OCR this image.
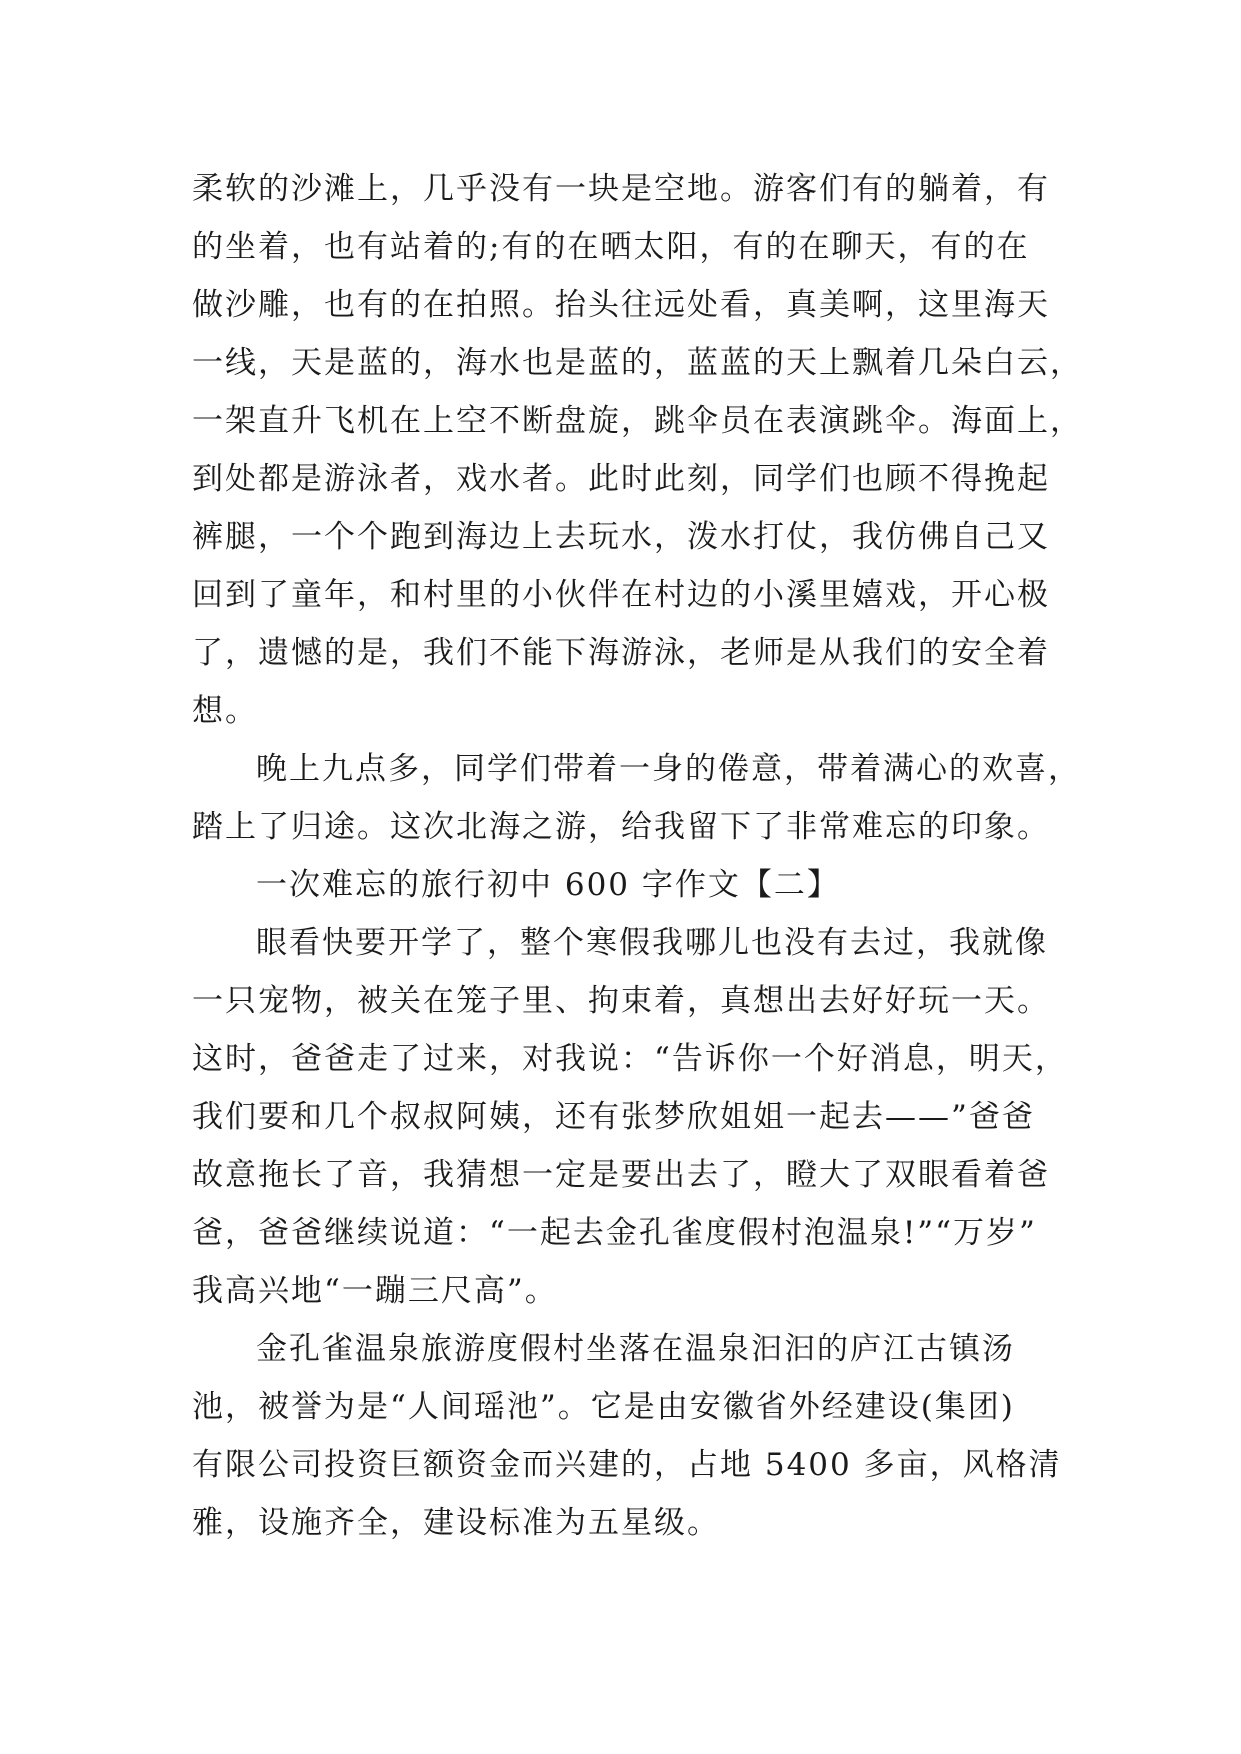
柔软的沙滩上，几乎没有一块是空地。游客们有的躺着，有
的坐着，也有站着的;有的在晒太阳，有的在聊天，有的在
做沙雕，也有的在拍照。抬头往远处看，真美啊，这里海天
一线，天是蓝的，海水也是蓝的，蓝蓝的天上飘着几朵白云，
一架直升飞机在上空不断盘旋，跳伞员在表演跳伞。海面上，
到处都是游泳者，戏水者。此时此刻，同学们也顾不得挽起
裤腿，一个个跑到海边上去玩水，泼水打仗，我仿佛自己又
回到了童年，和村里的小伙伴在村边的小溪里嬉戏，开心极
了，遗憾的是，我们不能下海游泳，老师是从我们的安全着
想。
晚上九点多，同学们带着一身的倦意，带着满心的欢喜，
踏上了归途。这次北海之游，给我留下了非常难忘的印象。
一次难忘的旅行初中 600 字作文【二】
眼看快要开学了，整个寒假我哪儿也没有去过，我就像
一只宠物，被关在笼子里、拘束着，真想出去好好玩一天。
这时，爸爸走了过来，对我说：“告诉你一个好消息，明天，
我们要和几个叔叔阿姨，还有张梦欣姐姐一起去——”爸爸
故意拖长了音，我猜想一定是要出去了，瞪大了双眼看着爸
爸，爸爸继续说道：“一起去金孔雀度假村泡温泉!”“万岁”
我高兴地“一蹦三尺高”。
金孔雀温泉旅游度假村坐落在温泉汩汩的庐江古镇汤
池，被誉为是“人间瑶池”。它是由安徽省外经建设(集团)
有限公司投资巨额资金而兴建的，占地 5400 多亩，风格清
雅，设施齐全，建设标准为五星级。
